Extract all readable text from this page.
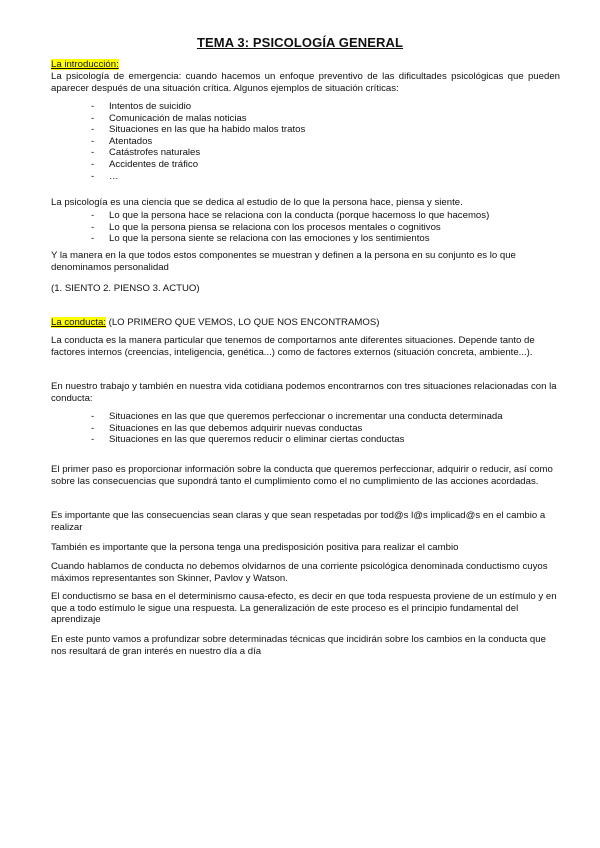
TEMA 3: PSICOLOGÍA GENERAL
La introducción:
La psicología de emergencia: cuando hacemos un enfoque preventivo de las dificultades psicológicas que pueden aparecer después de una situación crítica. Algunos ejemplos de situación críticas:
- Intentos de suicidio
- Comunicación de malas noticias
- Situaciones en las que ha habido malos tratos
- Atentados
- Catástrofes naturales
- Accidentes de tráfico
- …
La psicología es una ciencia que se dedica al estudio de lo que la persona hace, piensa y siente.
- Lo que la persona hace se relaciona con la conducta (porque hacemoss lo que hacemos)
- Lo que la persona piensa se relaciona con los procesos mentales o cognitivos
- Lo que la persona siente se relaciona con las emociones y los sentimientos
Y la manera en la que todos estos componentes se muestran y definen a la persona en su conjunto es lo que denominamos personalidad
(1. SIENTO 2. PIENSO 3. ACTUO)
La conducta: (LO PRIMERO QUE VEMOS, LO QUE NOS ENCONTRAMOS)
La conducta es la manera particular que tenemos de comportarnos ante diferentes situaciones. Depende tanto de factores internos (creencias, inteligencia, genética...) como de factores externos (situación concreta, ambiente...).
En nuestro trabajo y también en nuestra vida cotidiana podemos encontrarnos con tres situaciones relacionadas con la conducta:
- Situaciones en las que que queremos perfeccionar o incrementar una conducta determinada
- Situaciones en las que debemos adquirir nuevas conductas
- Situaciones en las que queremos reducir o eliminar ciertas conductas
El primer paso es proporcionar información sobre la conducta que queremos perfeccionar, adquirir o reducir, así como sobre las consecuencias que supondrá tanto el cumplimiento como el no cumplimiento de las acciones acordadas.
Es importante que las consecuencias sean claras y que sean respetadas por tod@s l@s implicad@s en el cambio a realizar
También es importante que la persona tenga una predisposición positiva para realizar el cambio
Cuando hablamos de conducta no debemos olvidarnos de una corriente psicológica denominada conductismo cuyos máximos representantes son Skinner, Pavlov y Watson.
El conductismo se basa en el determinismo causa-efecto, es decir en que toda respuesta proviene de un estímulo y en que a todo estímulo le sigue una respuesta. La generalización de este proceso es el principio fundamental del aprendizaje
En este punto vamos a profundizar sobre determinadas técnicas que incidirán sobre los cambios en la conducta que nos resultará de gran interés en nuestro día a día
